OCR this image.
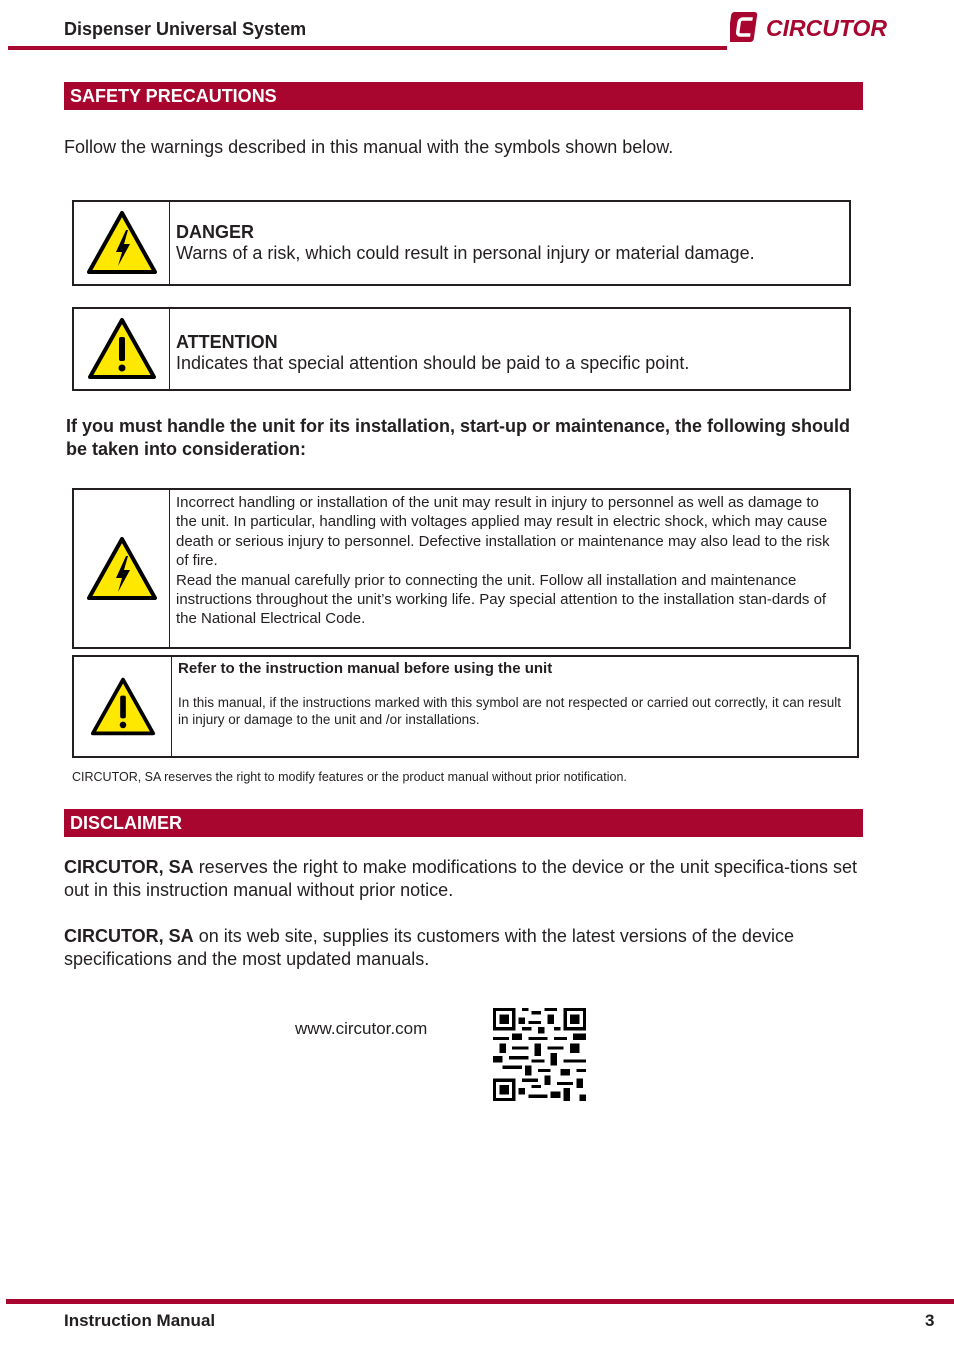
Dispenser Universal System	CIRCUTOR
SAFETY PRECAUTIONS
Follow the warnings described in this manual with the symbols shown below.
DANGER
Warns of a risk, which could result in personal injury or material damage.
ATTENTION
Indicates that special attention should be paid to a specific point.
If you must handle the unit for its installation, start-up or maintenance, the following should be taken into consideration:
Incorrect handling or installation of the unit may result in injury to personnel as well as damage to the unit. In particular, handling with voltages applied may result in electric shock, which may cause death or serious injury to personnel. Defective installation or maintenance may also lead to the risk of fire.
Read the manual carefully prior to connecting the unit. Follow all installation and maintenance instructions throughout the unit’s working life. Pay special attention to the installation stan-dards of the National Electrical Code.
Refer to the instruction manual before using the unit
In this manual, if the instructions marked with this symbol are not respected or carried out correctly, it can result in injury or damage to the unit and /or installations.
CIRCUTOR, SA reserves the right to modify features or the product manual without prior notification.
DISCLAIMER
CIRCUTOR, SA reserves the right to make modifications to the device or the unit specifica-tions set out in this instruction manual without prior notice.
CIRCUTOR, SA on its web site, supplies its customers with the latest versions of the device specifications and the most updated manuals.
www.circutor.com
Instruction Manual	3
